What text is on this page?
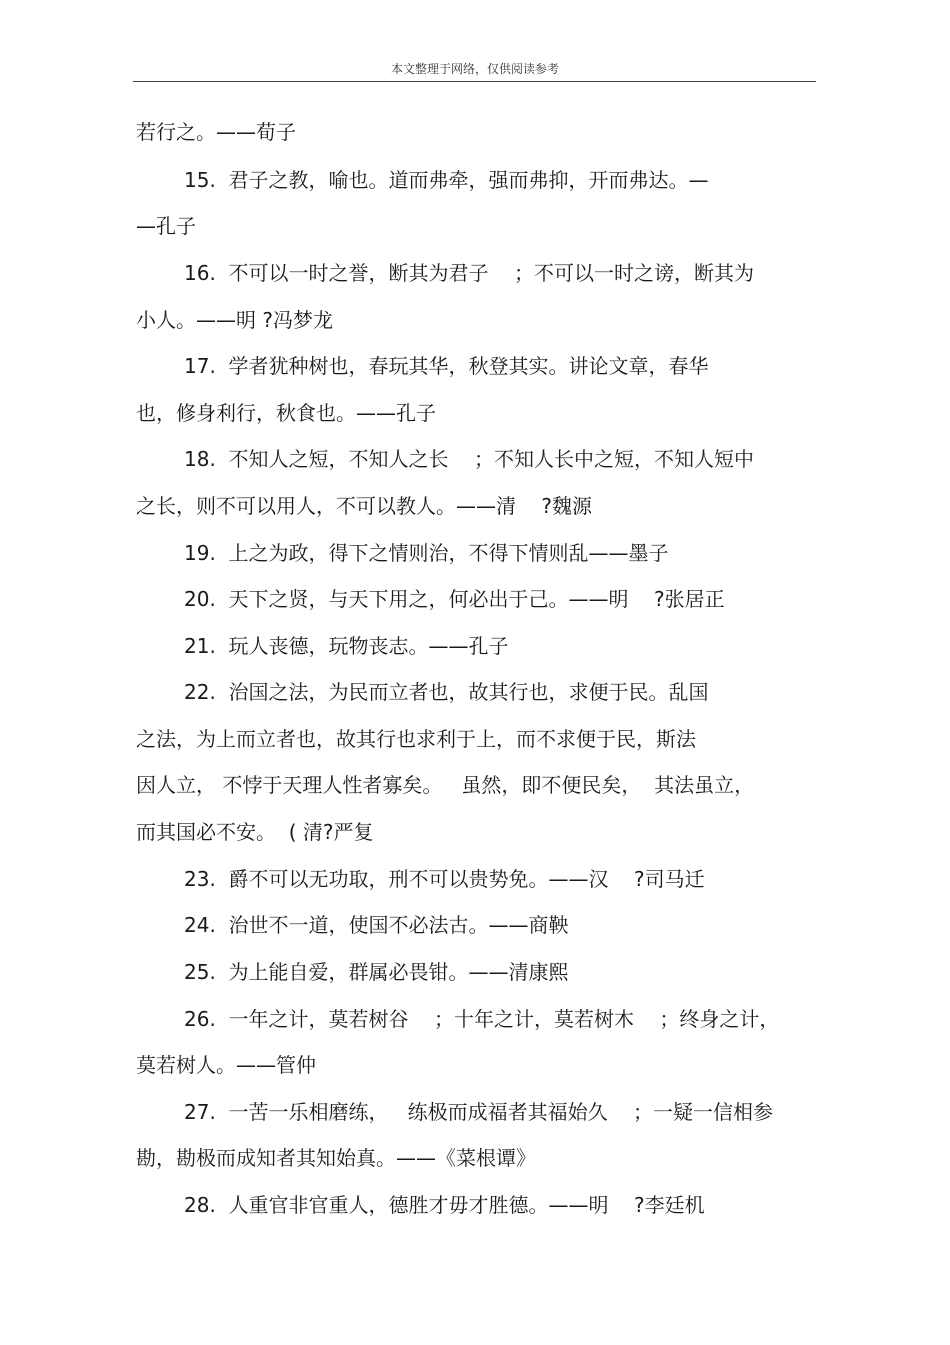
本文整理于网络，仅供阅读参考
若行之。——荀子
15.  君子之教，喻也。道而弗牵，强而弗抑，开而弗达。—
—孔子
16.  不可以一时之誉，断其为君子    ；不可以一时之谤，断其为
小人。——明 ?冯梦龙
17.  学者犹种树也，春玩其华，秋登其实。讲论文章，春华
也，修身利行，秋食也。——孔子
18.  不知人之短，不知人之长    ；不知人长中之短，不知人短中
之长，则不可以用人，不可以教人。——清    ?魏源
19.  上之为政，得下之情则治，不得下情则乱——墨子
20.  天下之贤，与天下用之，何必出于己。——明    ?张居正
21.  玩人丧德，玩物丧志。——孔子
22.  治国之法，为民而立者也，故其行也，求便于民。乱国
之法，为上而立者也，故其行也求利于上，而不求便于民，斯法
因人立， 不悖于天理人性者寡矣。   虽然，即不便民矣，  其法虽立，
而其国必不安。  ( 清?严复
23.  爵不可以无功取，刑不可以贵势免。——汉    ?司马迁
24.  治世不一道，使国不必法古。——商鞅
25.  为上能自爱，群属必畏钳。——清康熙
26.  一年之计，莫若树谷    ；十年之计，莫若树木    ；终身之计，
莫若树人。——管仲
27.  一苦一乐相磨练，   练极而成福者其福始久    ；一疑一信相参
勘，勘极而成知者其知始真。——《菜根谭》
28.  人重官非官重人，德胜才毋才胜德。——明    ?李廷机
